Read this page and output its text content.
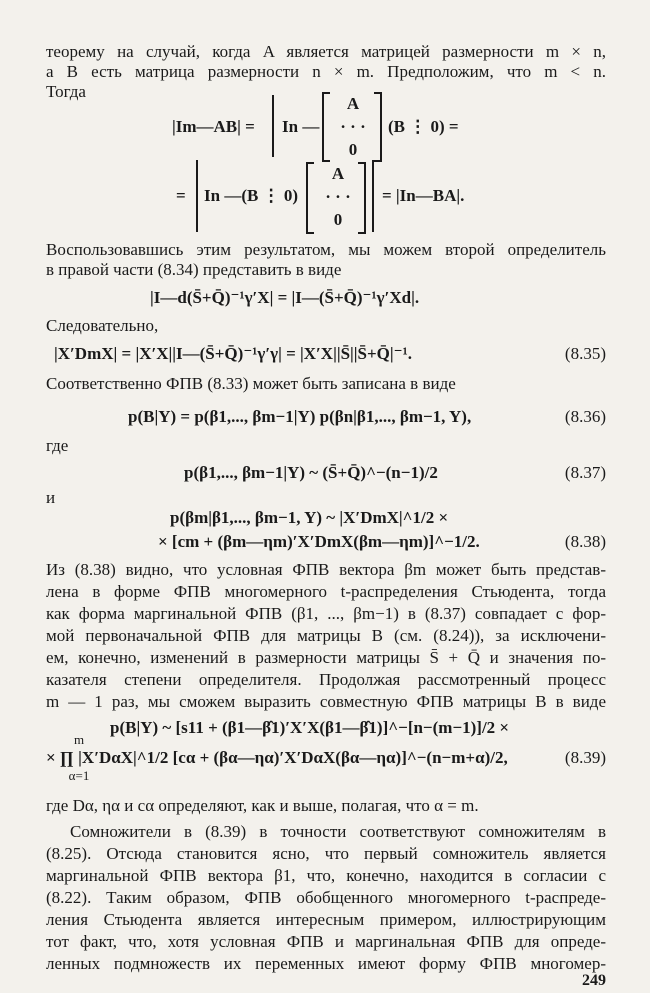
теорему на случай, когда A является матрицей размерности m × n,
а B есть матрица размерности n × m. Предположим, что m < n.
Тогда
|Im—AB| = In —
A
· · ·
0
(B ⋮ 0) =
= In —(B ⋮ 0)
A
· · ·
0
= |In—BA|.
Воспользовавшись этим результатом, мы можем второй определитель
в правой части (8.34) представить в виде
|I—d(S̄+Q̄)⁻¹γ′X| = |I—(S̄+Q̄)⁻¹γ′Xd|.
Следовательно,
|X′DmX| = |X′X||I—(S̄+Q̄)⁻¹γ′γ| = |X′X||S̄||S̄+Q̄|⁻¹.	(8.35)
Соответственно ФПВ (8.33) может быть записана в виде
p(B|Y) = p(β1,..., βm−1|Y) p(βn|β1,..., βm−1, Y),	(8.36)
где
p(β1,..., βm−1|Y) ~ (S̄+Q̄)^−(n−1)/2	(8.37)
и
p(βm|β1,..., βm−1, Y) ~ |X′DmX|^1/2 ×
× [cm + (βm—ηm)′X′DmX(βm—ηm)]^−1/2.	(8.38)
Из (8.38) видно, что условная ФПВ вектора βm может быть представ-
лена в форме ФПВ многомерного t-распределения Стьюдента, тогда
как форма маргинальной ФПВ (β1, ..., βm−1) в (8.37) совпадает с фор-
мой первоначальной ФПВ для матрицы B (см. (8.24)), за исключени-
ем, конечно, изменений в размерности матрицы S̄ + Q̄ и значения по-
казателя степени определителя. Продолжая рассмотренный процесс
m — 1 раз, мы сможем выразить совместную ФПВ матрицы B в виде
p(B|Y) ~ [s11 + (β1—β̂1)′X′X(β1—β̂1)]^−[n−(m−1)]/2 ×
m
× ∏ |X′DαX|^1/2 [cα + (βα—ηα)′X′DαX(βα—ηα)]^−(n−m+α)/2,
α=1
(8.39)
где Dα, ηα и cα определяют, как и выше, полагая, что α = m.
Сомножители в (8.39) в точности соответствуют сомножителям в
(8.25). Отсюда становится ясно, что первый сомножитель является
маргинальной ФПВ вектора β1, что, конечно, находится в согласии с
(8.22). Таким образом, ФПВ обобщенного многомерного t-распреде-
ления Стьюдента является интересным примером, иллюстрирующим
тот факт, что, хотя условная ФПВ и маргинальная ФПВ для опреде-
ленных подмножеств их переменных имеют форму ФПВ многомер-
249
